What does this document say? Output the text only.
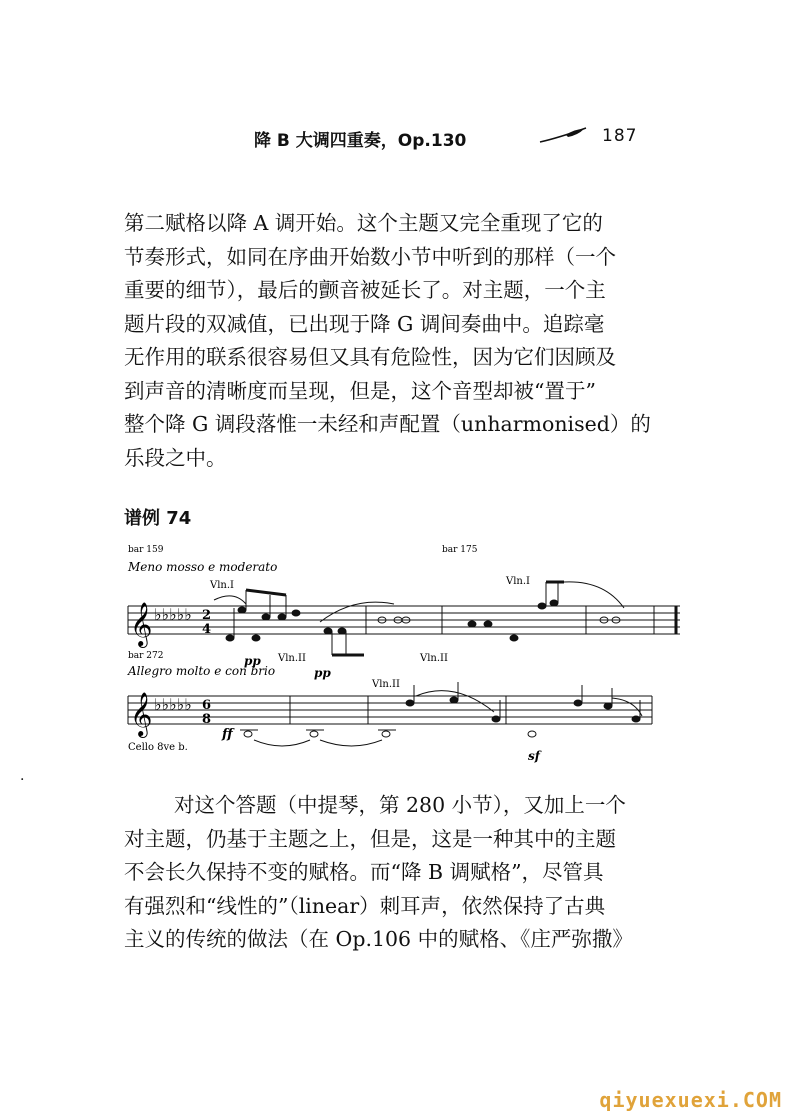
降 B 大调四重奏，Op.130	187
第二赋格以降 A 调开始。这个主题又完全重现了它的
节奏形式，如同在序曲开始数小节中听到的那样（一个
重要的细节），最后的颤音被延长了。对主题，一个主
题片段的双减值，已出现于降 G 调间奏曲中。追踪毫
无作用的联系很容易但又具有危险性，因为它们因顾及
到声音的清晰度而呈现，但是，这个音型却被“置于”
整个降 G 调段落惟一未经和声配置（unharmonised）的
乐段之中。
谱例 74
bar 159	bar 175
Meno mosso e moderato
Vln.I	Vln.I
𝄞 ♭♭♭♭♭ 2
4
pp Vln.II	Vln.II
pp
bar 272
Allegro molto e con brio
Vln.II
𝄞 ♭♭♭♭♭ 6
8
ff
sf
Cello 8ve b.
·
对这个答题（中提琴，第 280 小节），又加上一个
对主题，仍基于主题之上，但是，这是一种其中的主题
不会长久保持不变的赋格。而“降 B 调赋格”，尽管具
有强烈和“线性的”（linear）刺耳声，依然保持了古典
主义的传统的做法（在 Op.106 中的赋格、《庄严弥撒》
qiyuexuexi.COM
